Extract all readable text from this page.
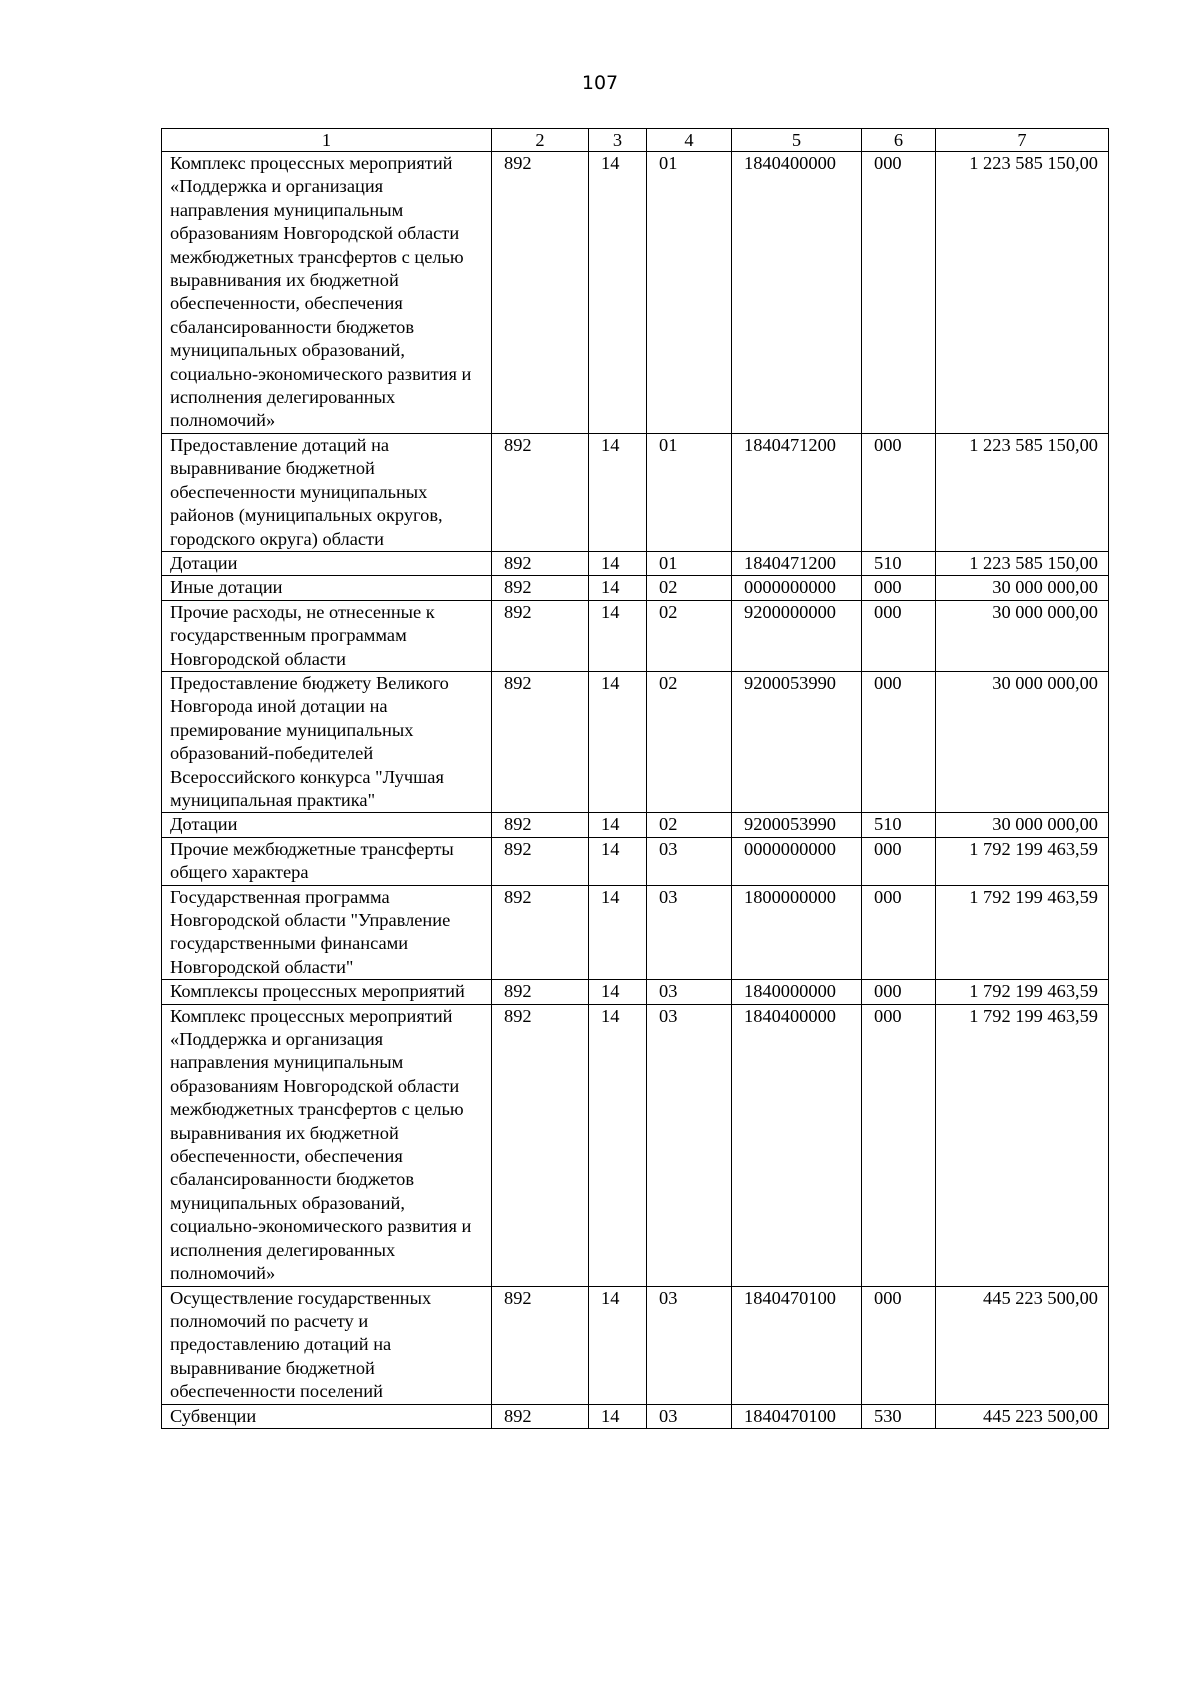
107
1	2	3	4	5	6	7
Комплекс процессных мероприятий «Поддержка и организация направления муниципальным образованиям Новгородской области межбюджетных трансфертов с целью выравнивания их бюджетной обеспеченности, обеспечения сбалансированности бюджетов муниципальных образований, социально-экономического развития и исполнения делегированных полномочий»	892	14	01	1840400000	000	1 223 585 150,00
Предоставление дотаций на выравнивание бюджетной обеспеченности муниципальных районов (муниципальных округов, городского округа) области	892	14	01	1840471200	000	1 223 585 150,00
Дотации	892	14	01	1840471200	510	1 223 585 150,00
Иные дотации	892	14	02	0000000000	000	30 000 000,00
Прочие расходы, не отнесенные к государственным программам Новгородской области	892	14	02	9200000000	000	30 000 000,00
Предоставление бюджету Великого Новгорода иной дотации на премирование муниципальных образований-победителей Всероссийского конкурса "Лучшая муниципальная практика"	892	14	02	9200053990	000	30 000 000,00
Дотации	892	14	02	9200053990	510	30 000 000,00
Прочие межбюджетные трансферты общего характера	892	14	03	0000000000	000	1 792 199 463,59
Государственная программа Новгородской области "Управление государственными финансами Новгородской области"	892	14	03	1800000000	000	1 792 199 463,59
Комплексы процессных мероприятий	892	14	03	1840000000	000	1 792 199 463,59
Комплекс процессных мероприятий «Поддержка и организация направления муниципальным образованиям Новгородской области межбюджетных трансфертов с целью выравнивания их бюджетной обеспеченности, обеспечения сбалансированности бюджетов муниципальных образований, социально-экономического развития и исполнения делегированных полномочий»	892	14	03	1840400000	000	1 792 199 463,59
Осуществление государственных полномочий по расчету и предоставлению дотаций на выравнивание бюджетной обеспеченности поселений	892	14	03	1840470100	000	445 223 500,00
Субвенции	892	14	03	1840470100	530	445 223 500,00
